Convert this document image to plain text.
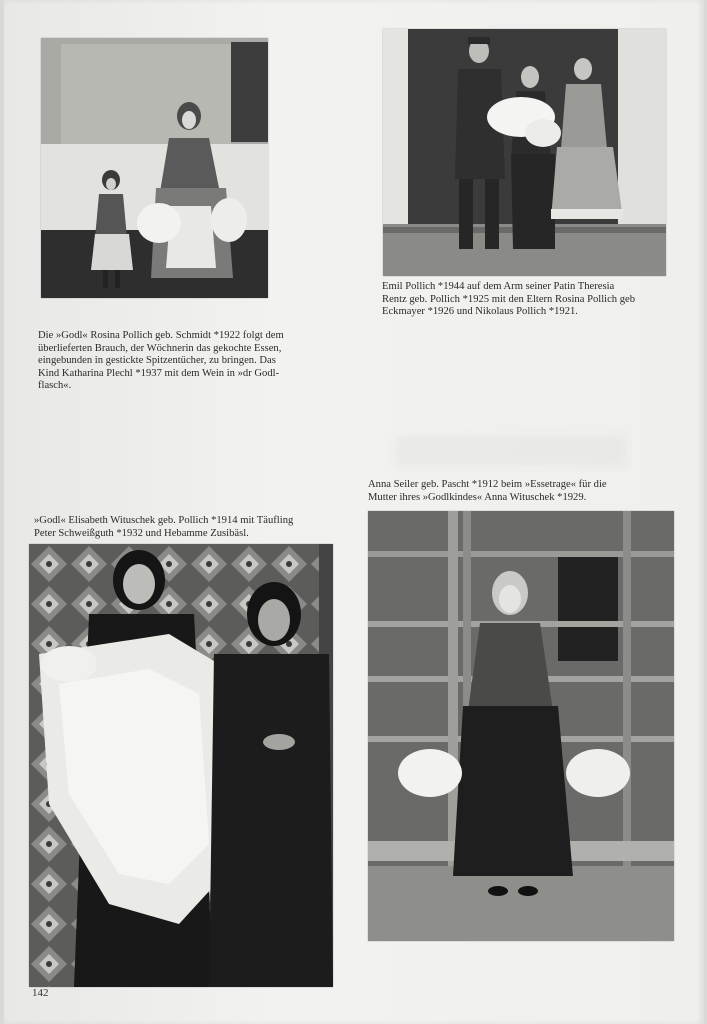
Die »Godl« Rosina Pollich geb. Schmidt *1922 folgt dem
überlieferten Brauch, der Wöchnerin das gekochte Essen,
eingebunden in gestickte Spitzentücher, zu bringen. Das
Kind Katharina Plechl *1937 mit dem Wein in »dr Godl-
flasch«.
Emil Pollich *1944 auf dem Arm seiner Patin Theresia
Rentz geb. Pollich *1925 mit den Eltern Rosina Pollich geb
Eckmayer *1926 und Nikolaus Pollich *1921.
Anna Seiler geb. Pascht *1912 beim »Essetrage« für die
Mutter ihres »Godlkindes« Anna Wituschek *1929.
»Godl« Elisabeth Wituschek geb. Pollich *1914 mit Täufling
Peter Schweißguth *1932 und Hebamme Zusibäsl.
142
